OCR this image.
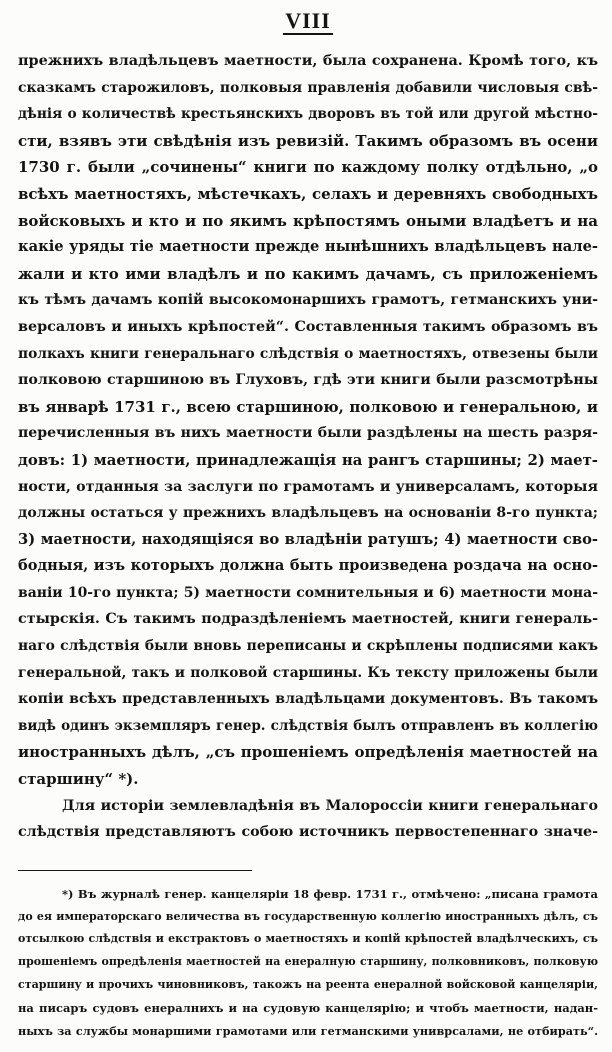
VIII
прежнихъ владѣльцевъ маетности, была сохранена. Кромѣ того, къ
сказкамъ старожиловъ, полковыя правленія добавили числовыя свѣ-
дѣнія о количествѣ крестьянскихъ дворовъ въ той или другой мѣстно-
сти, взявъ эти свѣдѣнія изъ ревизій. Такимъ образомъ въ осени
1730 г. были „сочинены“ книги по каждому полку отдѣльно, „о
всѣхъ маетностяхъ, мѣстечкахъ, селахъ и деревняхъ свободныхъ
войсковыхъ и кто и по якимъ крѣпостямъ оными владѣетъ и на
какіе уряды тіе маетности прежде нынѣшнихъ владѣльцевъ нале-
жали и кто ими владѣлъ и по какимъ дачамъ, съ приложеніемъ
къ тѣмъ дачамъ копій высокомонаршихъ грамотъ, гетманскихъ уни-
версаловъ и иныхъ крѣпостей“. Составленныя такимъ образомъ въ
полкахъ книги генеральнаго слѣдствія о маетностяхъ, отвезены были
полковою старшиною въ Глуховъ, гдѣ эти книги были разсмотрѣны
въ январѣ 1731 г., всею старшиною, полковою и генеральною, и
перечисленныя въ нихъ маетности были раздѣлены на шесть разря-
довъ: 1) маетности, принадлежащія на рангъ старшины; 2) мает-
ности, отданныя за заслуги по грамотамъ и универсаламъ, которыя
должны остаться у прежнихъ владѣльцевъ на основаніи 8-го пункта;
3) маетности, находящіяся во владѣніи ратушъ; 4) маетности сво-
бодныя, изъ которыхъ должна быть произведена роздача на осно-
ваніи 10-го пункта; 5) маетности сомнительныя и 6) маетности мона-
стырскія. Съ такимъ подраздѣленіемъ маетностей, книги генераль-
наго слѣдствія были вновь переписаны и скрѣплены подписями какъ
генеральной, такъ и полковой старшины. Къ тексту приложены были
копіи всѣхъ представленныхъ владѣльцами документовъ. Въ такомъ
видѣ одинъ экземпляръ генер. слѣдствія былъ отправленъ въ коллегію
иностранныхъ дѣлъ, „съ прошеніемъ опредѣленія маетностей на
старшину“ *).
Для исторіи землевладѣнія въ Малороссіи книги генеральнаго
слѣдствія представляютъ собою источникъ первостепеннаго значе-
*) Въ журналѣ генер. канцеляріи 18 февр. 1731 г., отмѣчено: „писана грамота
до ея императорскаго величества въ государственную коллегію иностранныхъ дѣлъ, съ
отсылкою слѣдствія и екстрактовъ о маетностяхъ и копій крѣпостей владѣлческихъ, съ
прошеніемъ опредѣленія маетностей на енералную старшину, полковниковъ, полковую
старшину и прочихъ чиновниковъ, такожъ на реента енералной войсковой канцеляріи,
на писаръ судовъ енералнихъ и на судовую канцелярію; и чтобъ маетности, надан-
ныхъ за службы монаршими грамотами или гетманскими униврсалами, не отбирать“.
